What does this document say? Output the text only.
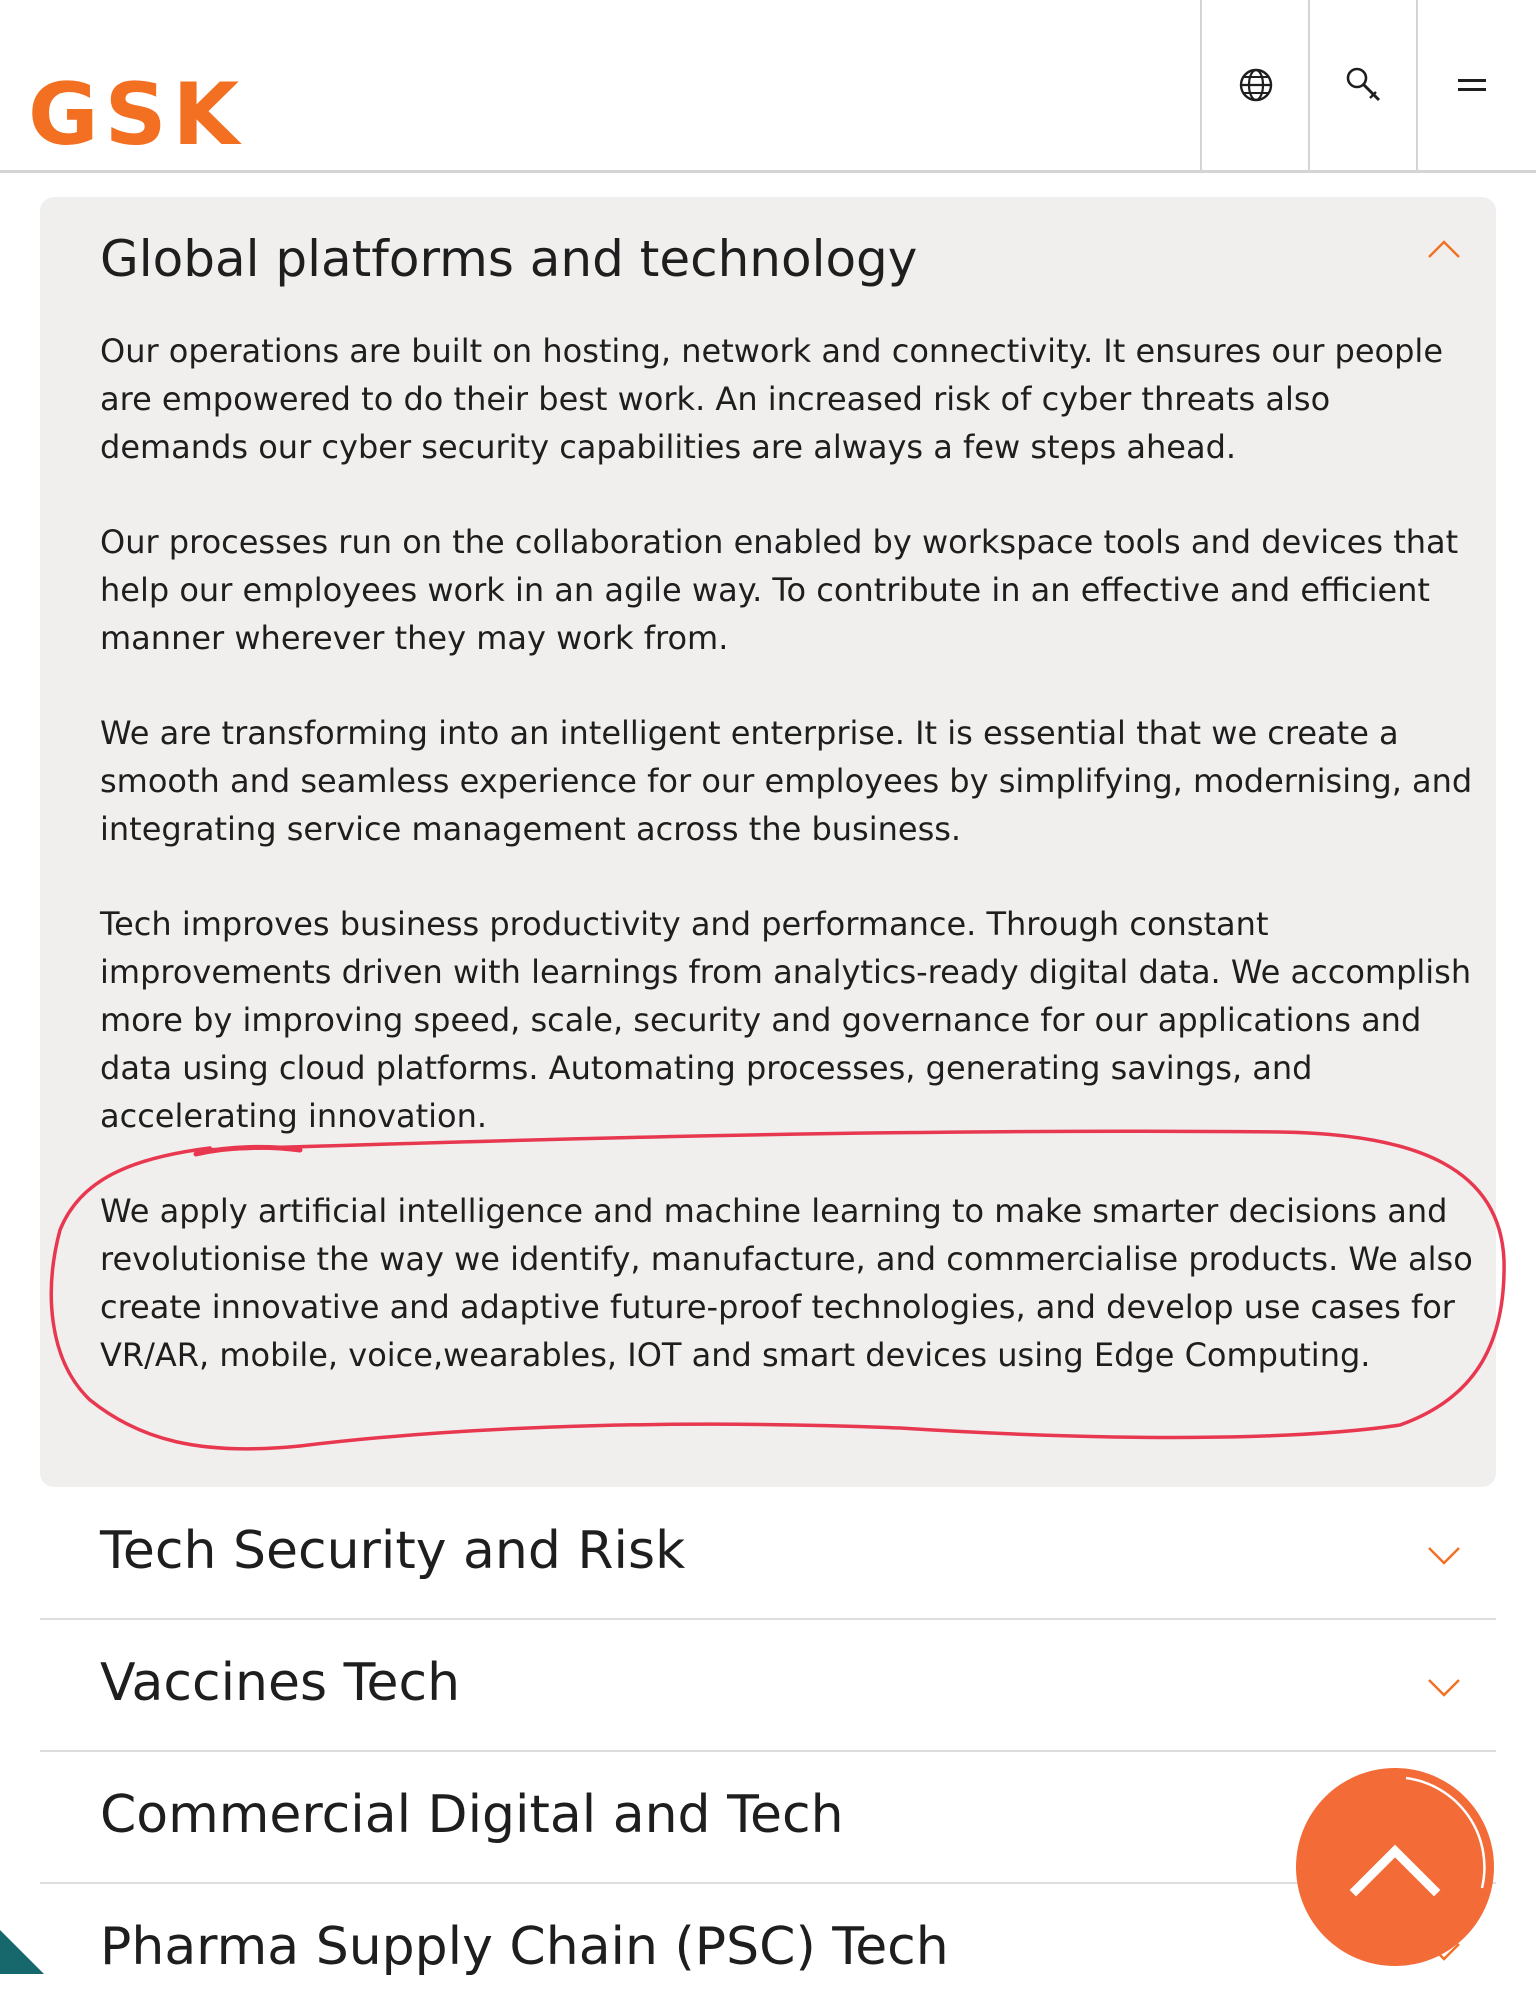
GSK
Global platforms and technology

Our operations are built on hosting, network and connectivity. It ensures our people are empowered to do their best work. An increased risk of cyber threats also demands our cyber security capabilities are always a few steps ahead.

Our processes run on the collaboration enabled by workspace tools and devices that help our employees work in an agile way. To contribute in an effective and efficient manner wherever they may work from.

We are transforming into an intelligent enterprise. It is essential that we create a smooth and seamless experience for our employees by simplifying, modernising, and integrating service management across the business.

Tech improves business productivity and performance. Through constant improvements driven with learnings from analytics-ready digital data. We accomplish more by improving speed, scale, security and governance for our applications and data using cloud platforms. Automating processes, generating savings, and accelerating innovation.

We apply artificial intelligence and machine learning to make smarter decisions and revolutionise the way we identify, manufacture, and commercialise products. We also create innovative and adaptive future-proof technologies, and develop use cases for VR/AR, mobile, voice,wearables, IOT and smart devices using Edge Computing.

Tech Security and Risk
Vaccines Tech
Commercial Digital and Tech
Pharma Supply Chain (PSC) Tech
